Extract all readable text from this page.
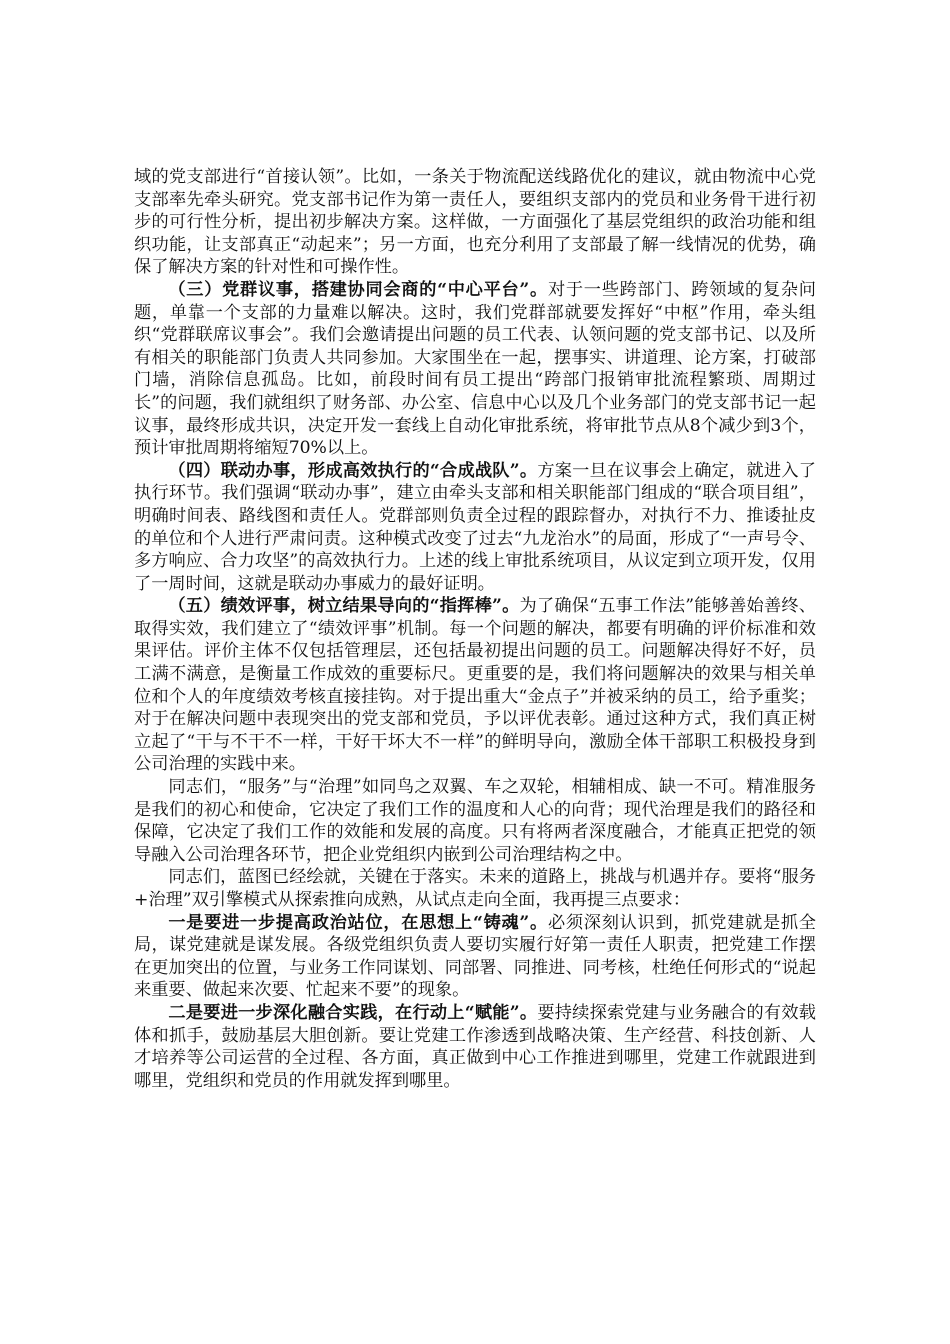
域的党支部进行“首接认领”。比如，一条关于物流配送线路优化的建议，就由物流中心党支部率先牵头研究。党支部书记作为第一责任人，要组织支部内的党员和业务骨干进行初步的可行性分析，提出初步解决方案。这样做，一方面强化了基层党组织的政治功能和组织功能，让支部真正“动起来”；另一方面，也充分利用了支部最了解一线情况的优势，确保了解决方案的针对性和可操作性。

（三）党群议事，搭建协同会商的“中心平台”。对于一些跨部门、跨领域的复杂问题，单靠一个支部的力量难以解决。这时，我们党群部就要发挥好“中枢”作用，牵头组织“党群联席议事会”。我们会邀请提出问题的员工代表、认领问题的党支部书记、以及所有相关的职能部门负责人共同参加。大家围坐在一起，摆事实、讲道理、论方案，打破部门墙，消除信息孤岛。比如，前段时间有员工提出“跨部门报销审批流程繁琐、周期过长”的问题，我们就组织了财务部、办公室、信息中心以及几个业务部门的党支部书记一起议事，最终形成共识，决定开发一套线上自动化审批系统，将审批节点从8个减少到3个，预计审批周期将缩短70%以上。

（四）联动办事，形成高效执行的“合成战队”。方案一旦在议事会上确定，就进入了执行环节。我们强调“联动办事”，建立由牵头支部和相关职能部门组成的“联合项目组”，明确时间表、路线图和责任人。党群部则负责全过程的跟踪督办，对执行不力、推诿扯皮的单位和个人进行严肃问责。这种模式改变了过去“九龙治水”的局面，形成了“一声号令、多方响应、合力攻坚”的高效执行力。上述的线上审批系统项目，从议定到立项开发，仅用了一周时间，这就是联动办事威力的最好证明。

（五）绩效评事，树立结果导向的“指挥棒”。为了确保“五事工作法”能够善始善终、取得实效，我们建立了“绩效评事”机制。每一个问题的解决，都要有明确的评价标准和效果评估。评价主体不仅包括管理层，还包括最初提出问题的员工。问题解决得好不好，员工满不满意，是衡量工作成效的重要标尺。更重要的是，我们将问题解决的效果与相关单位和个人的年度绩效考核直接挂钩。对于提出重大“金点子”并被采纳的员工，给予重奖；对于在解决问题中表现突出的党支部和党员，予以评优表彰。通过这种方式，我们真正树立起了“干与不干不一样，干好干坏大不一样”的鲜明导向，激励全体干部职工积极投身到公司治理的实践中来。

同志们，“服务”与“治理”如同鸟之双翼、车之双轮，相辅相成、缺一不可。精准服务是我们的初心和使命，它决定了我们工作的温度和人心的向背；现代治理是我们的路径和保障，它决定了我们工作的效能和发展的高度。只有将两者深度融合，才能真正把党的领导融入公司治理各环节，把企业党组织内嵌到公司治理结构之中。

同志们，蓝图已经绘就，关键在于落实。未来的道路上，挑战与机遇并存。要将“服务+治理”双引擎模式从探索推向成熟，从试点走向全面，我再提三点要求：

一是要进一步提高政治站位，在思想上“铸魂”。必须深刻认识到，抓党建就是抓全局，谋党建就是谋发展。各级党组织负责人要切实履行好第一责任人职责，把党建工作摆在更加突出的位置，与业务工作同谋划、同部署、同推进、同考核，杜绝任何形式的“说起来重要、做起来次要、忙起来不要”的现象。

二是要进一步深化融合实践，在行动上“赋能”。要持续探索党建与业务融合的有效载体和抓手，鼓励基层大胆创新。要让党建工作渗透到战略决策、生产经营、科技创新、人才培养等公司运营的全过程、各方面，真正做到中心工作推进到哪里，党建工作就跟进到哪里，党组织和党员的作用就发挥到哪里。
